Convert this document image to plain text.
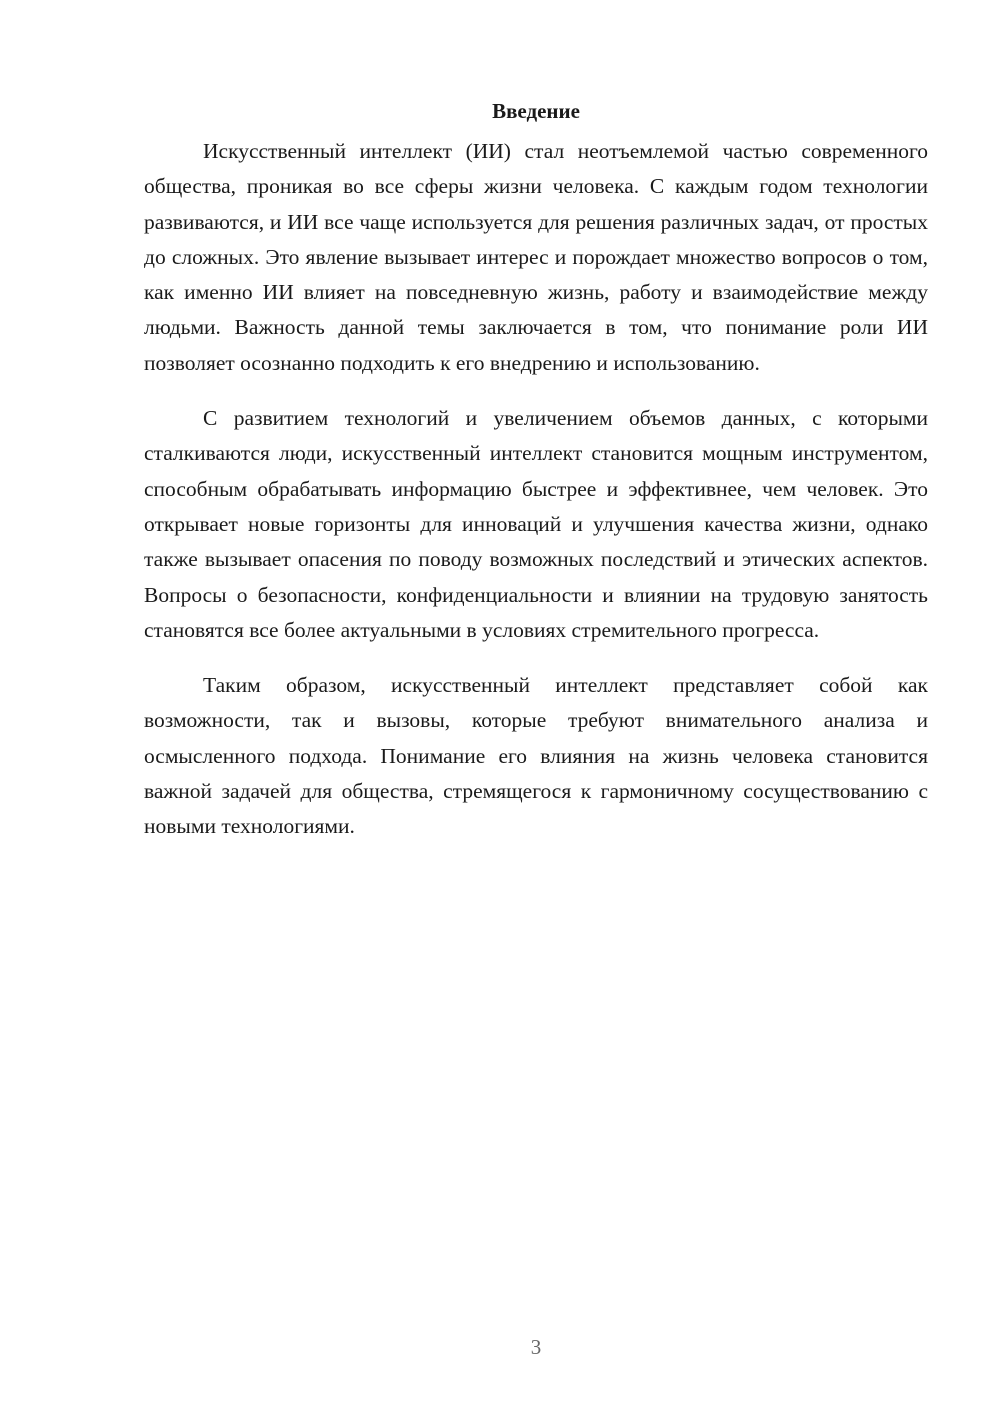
Введение

Искусственный интеллект (ИИ) стал неотъемлемой частью современного общества, проникая во все сферы жизни человека. С каждым годом технологии развиваются, и ИИ все чаще используется для решения различных задач, от простых до сложных. Это явление вызывает интерес и порождает множество вопросов о том, как именно ИИ влияет на повседневную жизнь, работу и взаимодействие между людьми. Важность данной темы заключается в том, что понимание роли ИИ позволяет осознанно подходить к его внедрению и использованию.

С развитием технологий и увеличением объемов данных, с которыми сталкиваются люди, искусственный интеллект становится мощным инструментом, способным обрабатывать информацию быстрее и эффективнее, чем человек. Это открывает новые горизонты для инноваций и улучшения качества жизни, однако также вызывает опасения по поводу возможных последствий и этических аспектов. Вопросы о безопасности, конфиденциальности и влиянии на трудовую занятость становятся все более актуальными в условиях стремительного прогресса.

Таким образом, искусственный интеллект представляет собой как возможности, так и вызовы, которые требуют внимательного анализа и осмысленного подхода. Понимание его влияния на жизнь человека становится важной задачей для общества, стремящегося к гармоничному сосуществованию с новыми технологиями.

3
